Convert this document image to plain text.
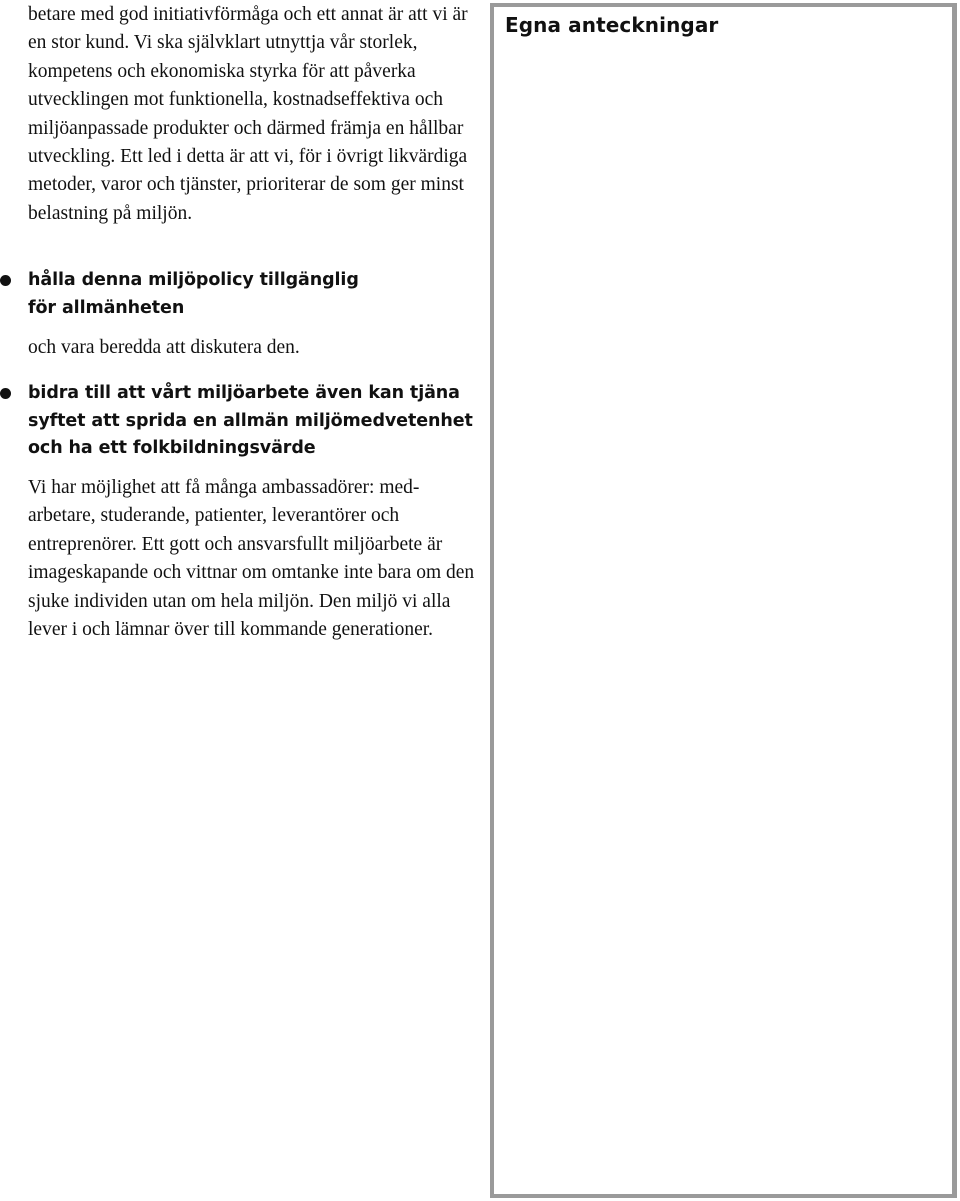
betare med god initiativförmåga och ett annat är att vi är en stor kund. Vi ska självklart utnyttja vår storlek, kompetens och ekonomiska styrka för att påverka utvecklingen mot funktionella, kostnadseffektiva och miljöanpassade produkter och därmed främja en hållbar utveckling. Ett led i detta är att vi, för i övrigt likvärdiga metoder, varor och tjänster, prioriterar de som ger minst belastning på miljön.

hålla denna miljöpolicy tillgänglig för allmänheten

och vara beredda att diskutera den.

bidra till att vårt miljöarbete även kan tjäna syftet att sprida en allmän miljömedvetenhet och ha ett folkbildningsvärde

Vi har möjlighet att få många ambassadörer: medarbetare, studerande, patienter, leverantörer och entreprenörer. Ett gott och ansvarsfullt miljöarbete är imageskapande och vittnar om omtanke inte bara om den sjuke individen utan om hela miljön. Den miljö vi alla lever i och lämnar över till kommande generationer.

Egna anteckningar
